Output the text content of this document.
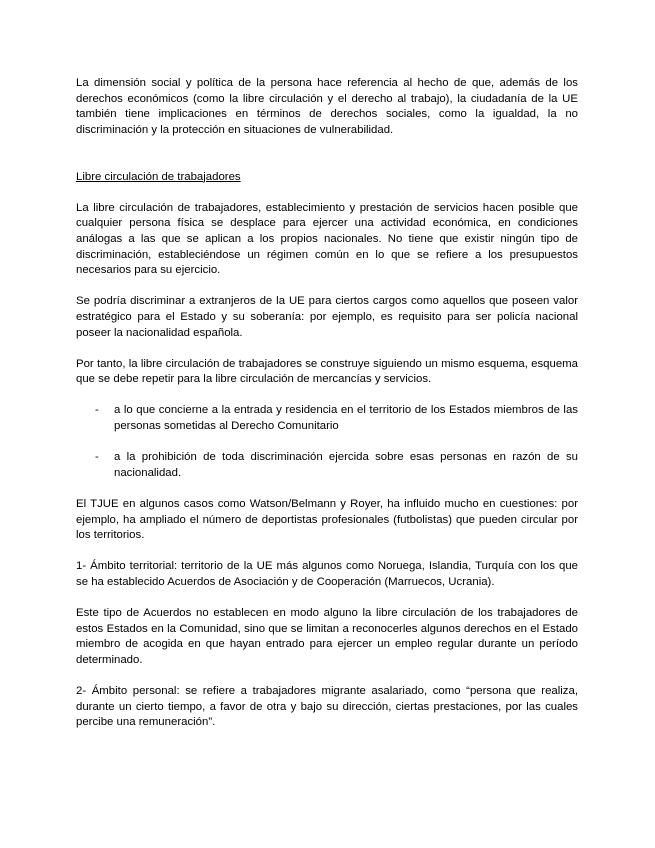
La dimensión social y política de la persona hace referencia al hecho de que, además de los derechos económicos (como la libre circulación y el derecho al trabajo), la ciudadanía de la UE también tiene implicaciones en términos de derechos sociales, como la igualdad, la no discriminación y la protección en situaciones de vulnerabilidad.

Libre circulación de trabajadores

La libre circulación de trabajadores, establecimiento y prestación de servicios hacen posible que cualquier persona física se desplace para ejercer una actividad económica, en condiciones análogas a las que se aplican a los propios nacionales. No tiene que existir ningún tipo de discriminación, estableciéndose un régimen común en lo que se refiere a los presupuestos necesarios para su ejercicio.

Se podría discriminar a extranjeros de la UE para ciertos cargos como aquellos que poseen valor estratégico para el Estado y su soberanía: por ejemplo, es requisito para ser policía nacional poseer la nacionalidad española.

Por tanto, la libre circulación de trabajadores se construye siguiendo un mismo esquema, esquema que se debe repetir para la libre circulación de mercancías y servicios.

-	a lo que concierne a la entrada y residencia en el territorio de los Estados miembros de las personas sometidas al Derecho Comunitario
-	a la prohibición de toda discriminación ejercida sobre esas personas en razón de su nacionalidad.

El TJUE en algunos casos como Watson/Belmann y Royer, ha influido mucho en cuestiones: por ejemplo, ha ampliado el número de deportistas profesionales (futbolistas) que pueden circular por los territorios.

1- Ámbito territorial: territorio de la UE más algunos como Noruega, Islandia, Turquía con los que se ha establecido Acuerdos de Asociación y de Cooperación (Marruecos, Ucrania).

Este tipo de Acuerdos no establecen en modo alguno la libre circulación de los trabajadores de estos Estados en la Comunidad, sino que se limitan a reconocerles algunos derechos en el Estado miembro de acogida en que hayan entrado para ejercer un empleo regular durante un período determinado.

2- Ámbito personal: se refiere a trabajadores migrante asalariado, como “persona que realiza, durante un cierto tiempo, a favor de otra y bajo su dirección, ciertas prestaciones, por las cuales percibe una remuneración”.
